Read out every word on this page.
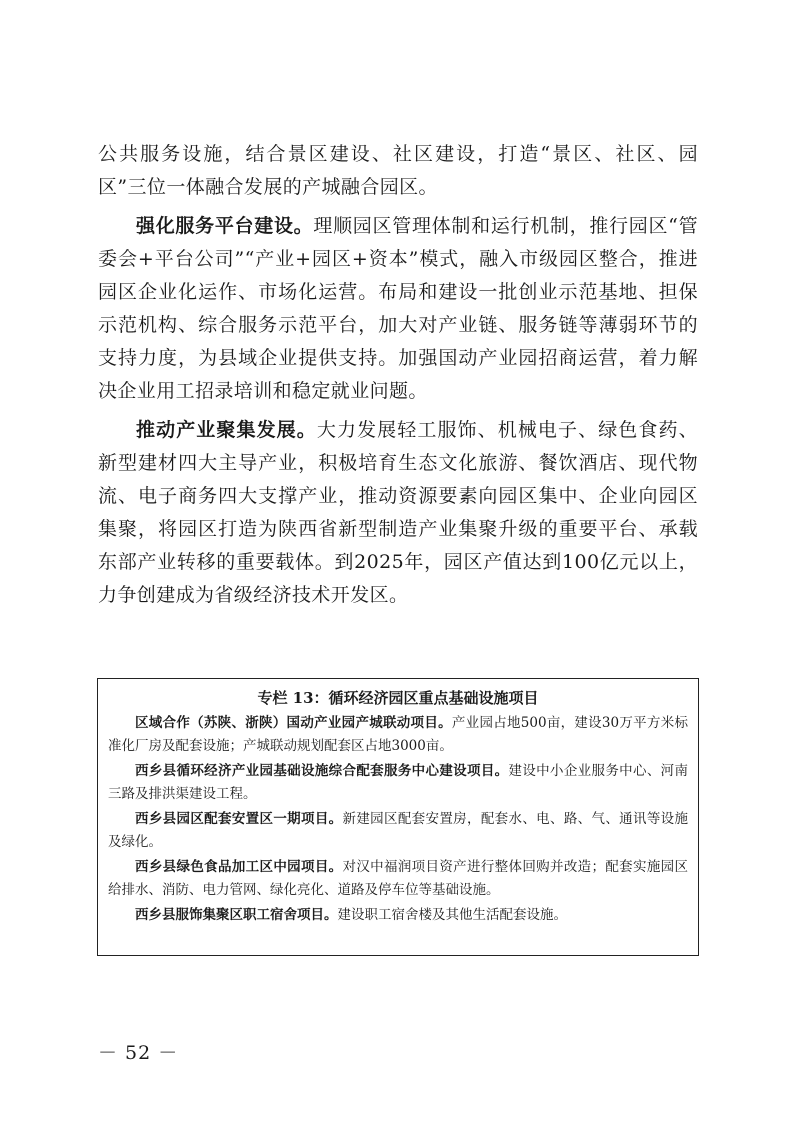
公共服务设施，结合景区建设、社区建设，打造“景区、社区、园区”三位一体融合发展的产城融合园区。

强化服务平台建设。理顺园区管理体制和运行机制，推行园区“管委会+平台公司”“产业+园区+资本”模式，融入市级园区整合，推进园区企业化运作、市场化运营。布局和建设一批创业示范基地、担保示范机构、综合服务示范平台，加大对产业链、服务链等薄弱环节的支持力度，为县域企业提供支持。加强国动产业园招商运营，着力解决企业用工招录培训和稳定就业问题。

推动产业聚集发展。大力发展轻工服饰、机械电子、绿色食药、新型建材四大主导产业，积极培育生态文化旅游、餐饮酒店、现代物流、电子商务四大支撑产业，推动资源要素向园区集中、企业向园区集聚，将园区打造为陕西省新型制造产业集聚升级的重要平台、承载东部产业转移的重要载体。到2025年，园区产值达到100亿元以上，力争创建成为省级经济技术开发区。

专栏 13：循环经济园区重点基础设施项目

区域合作（苏陕、浙陕）国动产业园产城联动项目。产业园占地500亩，建设30万平方米标准化厂房及配套设施；产城联动规划配套区占地3000亩。

西乡县循环经济产业园基础设施综合配套服务中心建设项目。建设中小企业服务中心、河南三路及排洪渠建设工程。

西乡县园区配套安置区一期项目。新建园区配套安置房，配套水、电、路、气、通讯等设施及绿化。

西乡县绿色食品加工区中园项目。对汉中福润项目资产进行整体回购并改造；配套实施园区给排水、消防、电力管网、绿化亮化、道路及停车位等基础设施。

西乡县服饰集聚区职工宿舍项目。建设职工宿舍楼及其他生活配套设施。

－ 52 －
